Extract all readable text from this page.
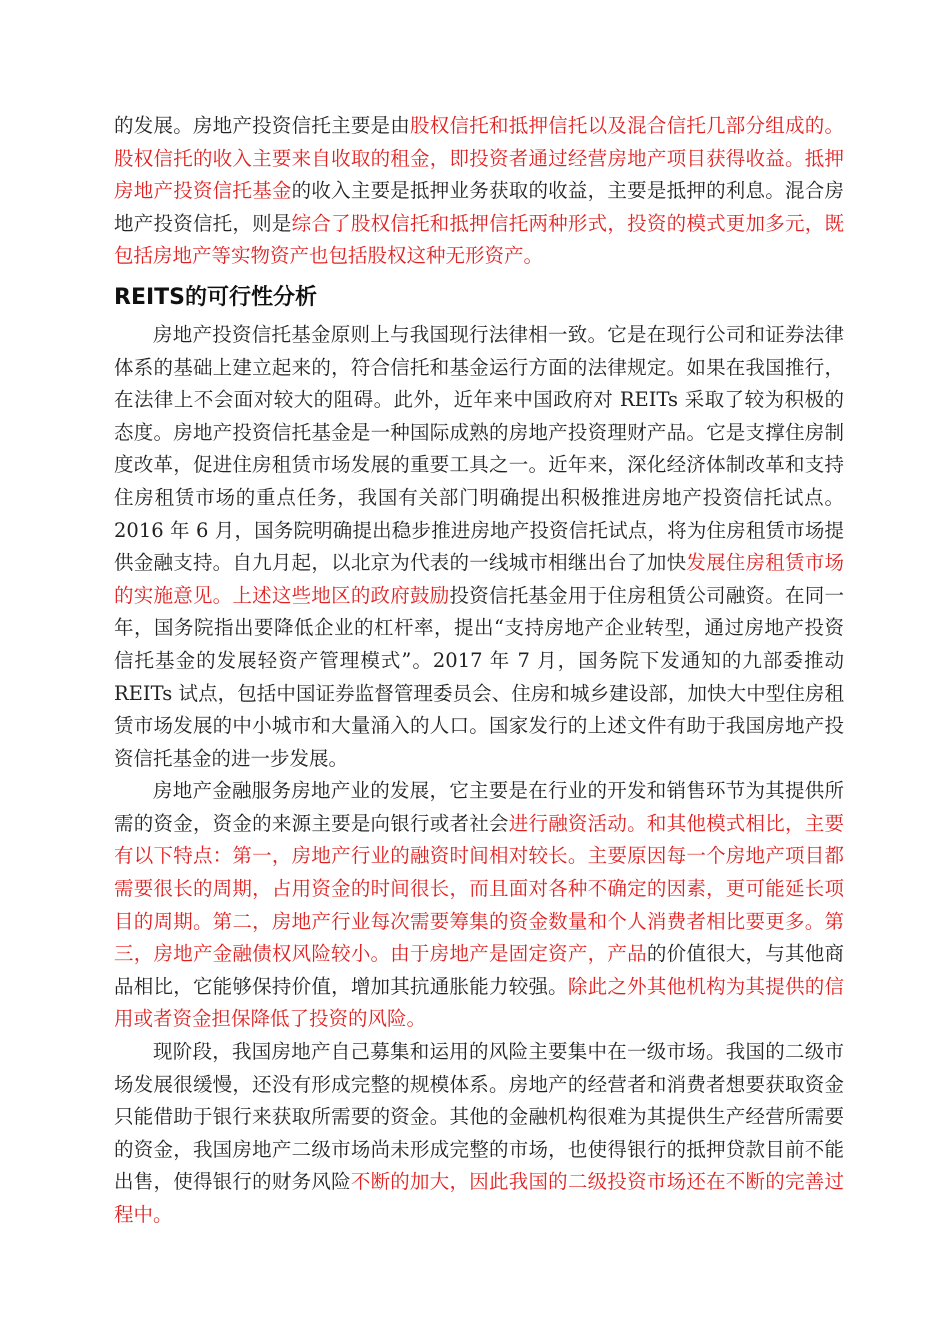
的发展。房地产投资信托主要是由股权信托和抵押信托以及混合信托几部分组成的。股权信托的收入主要来自收取的租金，即投资者通过经营房地产项目获得收益。抵押房地产投资信托基金的收入主要是抵押业务获取的收益，主要是抵押的利息。混合房地产投资信托，则是综合了股权信托和抵押信托两种形式，投资的模式更加多元，既包括房地产等实物资产也包括股权这种无形资产。

REITS的可行性分析

房地产投资信托基金原则上与我国现行法律相一致。它是在现行公司和证券法律体系的基础上建立起来的，符合信托和基金运行方面的法律规定。如果在我国推行，在法律上不会面对较大的阻碍。此外，近年来中国政府对 REITs 采取了较为积极的态度。房地产投资信托基金是一种国际成熟的房地产投资理财产品。它是支撑住房制度改革，促进住房租赁市场发展的重要工具之一。近年来，深化经济体制改革和支持住房租赁市场的重点任务，我国有关部门明确提出积极推进房地产投资信托试点。2016 年 6 月，国务院明确提出稳步推进房地产投资信托试点，将为住房租赁市场提供金融支持。自九月起，以北京为代表的一线城市相继出台了加快发展住房租赁市场的实施意见。上述这些地区的政府鼓励投资信托基金用于住房租赁公司融资。在同一年，国务院指出要降低企业的杠杆率，提出“支持房地产企业转型，通过房地产投资信托基金的发展轻资产管理模式”。2017 年 7 月，国务院下发通知的九部委推动 REITs 试点，包括中国证券监督管理委员会、住房和城乡建设部，加快大中型住房租赁市场发展的中小城市和大量涌入的人口。国家发行的上述文件有助于我国房地产投资信托基金的进一步发展。

房地产金融服务房地产业的发展，它主要是在行业的开发和销售环节为其提供所需的资金，资金的来源主要是向银行或者社会进行融资活动。和其他模式相比，主要有以下特点：第一，房地产行业的融资时间相对较长。主要原因每一个房地产项目都需要很长的周期，占用资金的时间很长，而且面对各种不确定的因素，更可能延长项目的周期。第二，房地产行业每次需要筹集的资金数量和个人消费者相比要更多。第三，房地产金融债权风险较小。由于房地产是固定资产，产品的价值很大，与其他商品相比，它能够保持价值，增加其抗通胀能力较强。除此之外其他机构为其提供的信用或者资金担保降低了投资的风险。

现阶段，我国房地产自己募集和运用的风险主要集中在一级市场。我国的二级市场发展很缓慢，还没有形成完整的规模体系。房地产的经营者和消费者想要获取资金只能借助于银行来获取所需要的资金。其他的金融机构很难为其提供生产经营所需要的资金，我国房地产二级市场尚未形成完整的市场，也使得银行的抵押贷款目前不能出售，使得银行的财务风险不断的加大，因此我国的二级投资市场还在不断的完善过程中。
